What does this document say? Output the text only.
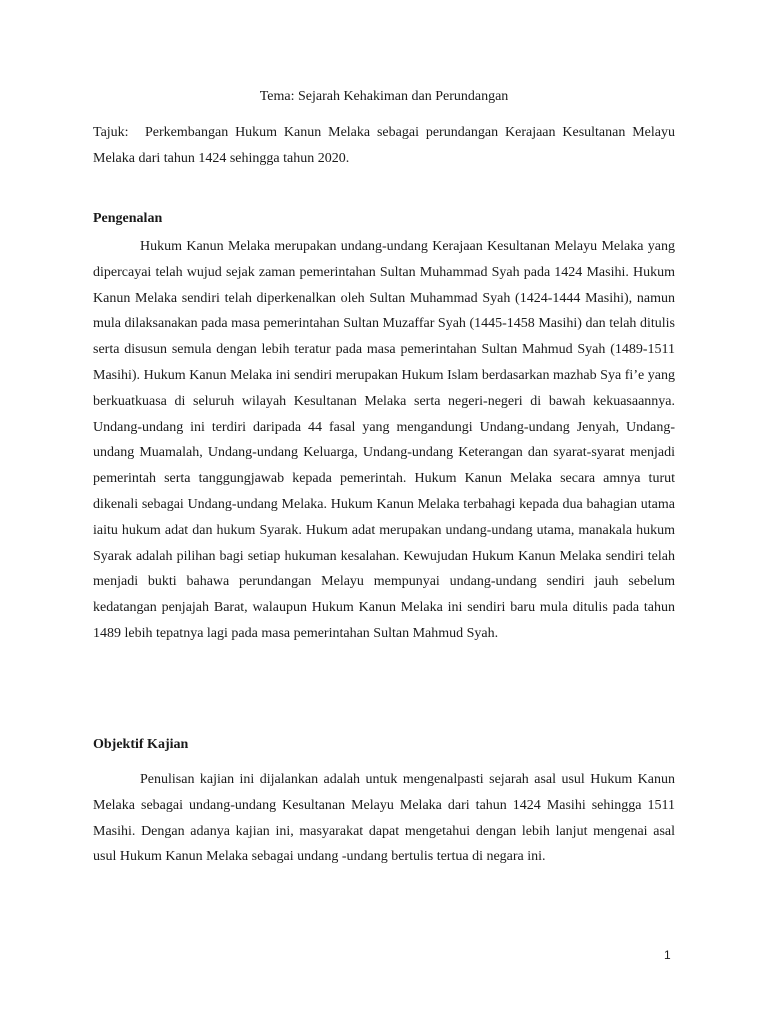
Tema: Sejarah Kehakiman dan Perundangan
Tajuk: Perkembangan Hukum Kanun Melaka sebagai perundangan Kerajaan Kesultanan Melayu Melaka dari tahun 1424 sehingga tahun 2020.
Pengenalan

Hukum Kanun Melaka merupakan undang-undang Kerajaan Kesultanan Melayu Melaka yang dipercayai telah wujud sejak zaman pemerintahan Sultan Muhammad Syah pada 1424 Masihi. Hukum Kanun Melaka sendiri telah diperkenalkan oleh Sultan Muhammad Syah (1424-1444 Masihi), namun mula dilaksanakan pada masa pemerintahan Sultan Muzaffar Syah (1445-1458 Masihi) dan telah ditulis serta disusun semula dengan lebih teratur pada masa pemerintahan Sultan Mahmud Syah (1489-1511 Masihi). Hukum Kanun Melaka ini sendiri merupakan Hukum Islam berdasarkan mazhab Sya fi’e yang berkuatkuasa di seluruh wilayah Kesultanan Melaka serta negeri-negeri di bawah kekuasaannya. Undang-undang ini terdiri daripada 44 fasal yang mengandungi Undang-undang Jenyah, Undang-undang Muamalah, Undang-undang Keluarga, Undang-undang Keterangan dan syarat-syarat menjadi pemerintah serta tanggungjawab kepada pemerintah. Hukum Kanun Melaka secara amnya turut dikenali sebagai Undang-undang Melaka. Hukum Kanun Melaka terbahagi kepada dua bahagian utama iaitu hukum adat dan hukum Syarak. Hukum adat merupakan undang-undang utama, manakala hukum Syarak adalah pilihan bagi setiap hukuman kesalahan. Kewujudan Hukum Kanun Melaka sendiri telah menjadi bukti bahawa perundangan Melayu mempunyai undang-undang sendiri jauh sebelum kedatangan penjajah Barat, walaupun Hukum Kanun Melaka ini sendiri baru mula ditulis pada tahun 1489 lebih tepatnya lagi pada masa pemerintahan Sultan Mahmud Syah.

Objektif Kajian

Penulisan kajian ini dijalankan adalah untuk mengenalpasti sejarah asal usul Hukum Kanun Melaka sebagai undang-undang Kesultanan Melayu Melaka dari tahun 1424 Masihi sehingga 1511 Masihi. Dengan adanya kajian ini, masyarakat dapat mengetahui dengan lebih lanjut mengenai asal usul Hukum Kanun Melaka sebagai undang -undang bertulis tertua di negara ini.

1
